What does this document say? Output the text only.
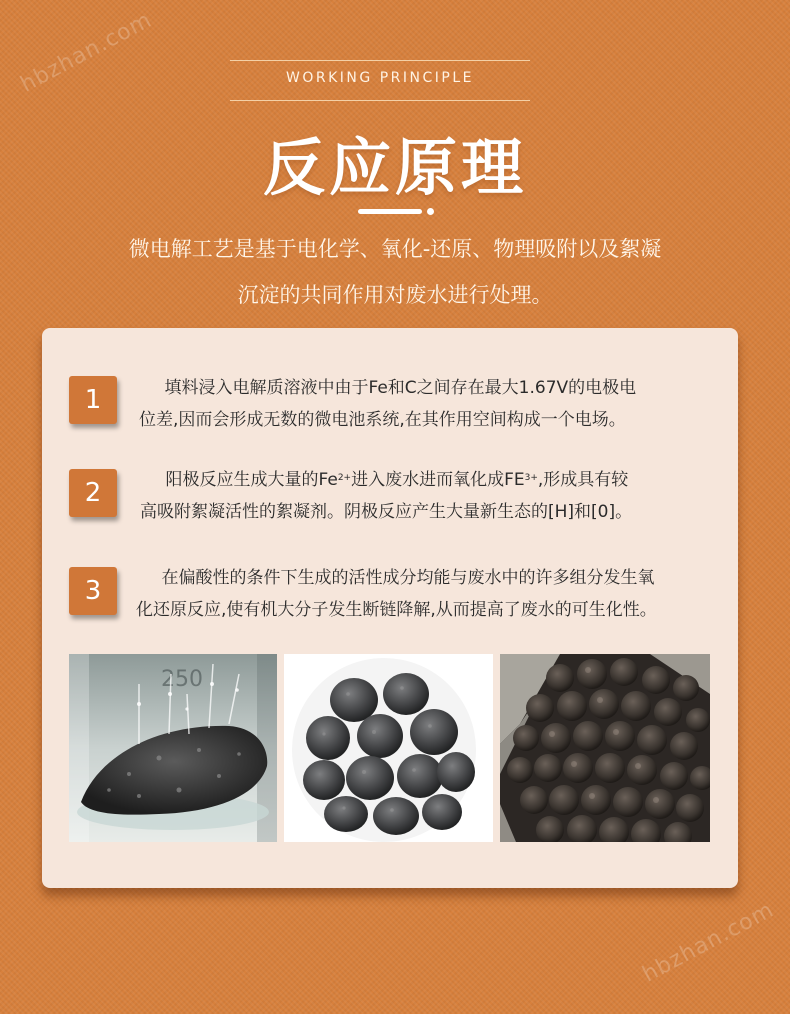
hbzhan.com
hbzhan.com
WORKING PRINCIPLE
反应原理
微电解工艺是基于电化学、氧化-还原、物理吸附以及絮凝
沉淀的共同作用对废水进行处理。
1	填料浸入电解质溶液中由于Fe和C之间存在最大1.67V的电极电
位差,因而会形成无数的微电池系统,在其作用空间构成一个电场。
2	阳极反应生成大量的$Fe^{2+}$进入废水进而氧化成$FE^{3+}$,形成具有较
高吸附絮凝活性的絮凝剂。阴极反应产生大量新生态的[H]和[0]。
3	在偏酸性的条件下生成的活性成分均能与废水中的许多组分发生氧
化还原反应,使有机大分子发生断链降解,从而提高了废水的可生化性。
250
